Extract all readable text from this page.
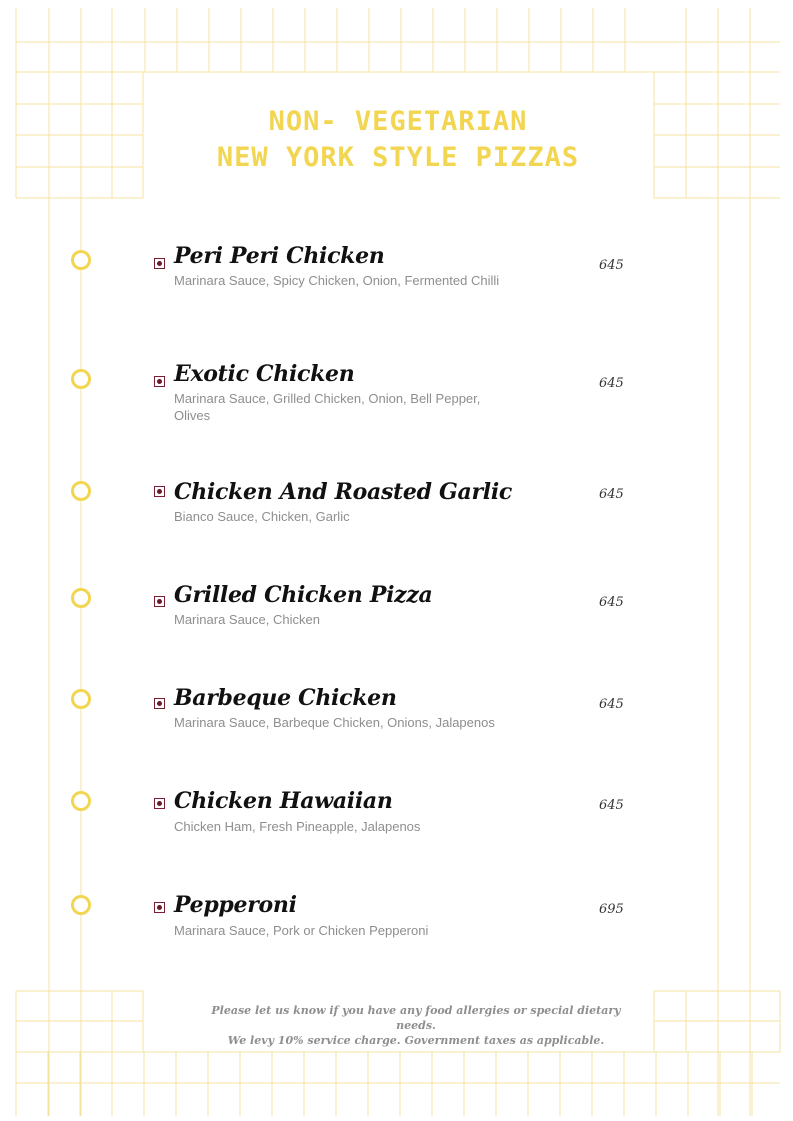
NON- VEGETARIAN
NEW YORK STYLE PIZZAS
Peri Peri Chicken
Marinara Sauce, Spicy Chicken, Onion, Fermented Chilli
645
Exotic Chicken
Marinara Sauce, Grilled Chicken, Onion, Bell Pepper, Olives
645
Chicken And Roasted Garlic
Bianco Sauce, Chicken, Garlic
645
Grilled Chicken Pizza
Marinara Sauce, Chicken
645
Barbeque Chicken
Marinara Sauce, Barbeque Chicken, Onions, Jalapenos
645
Chicken Hawaiian
Chicken Ham, Fresh Pineapple, Jalapenos
645
Pepperoni
Marinara Sauce, Pork or Chicken Pepperoni
695
Please let us know if you have any food allergies or special dietary needs.
We levy 10% service charge. Government taxes as applicable.
